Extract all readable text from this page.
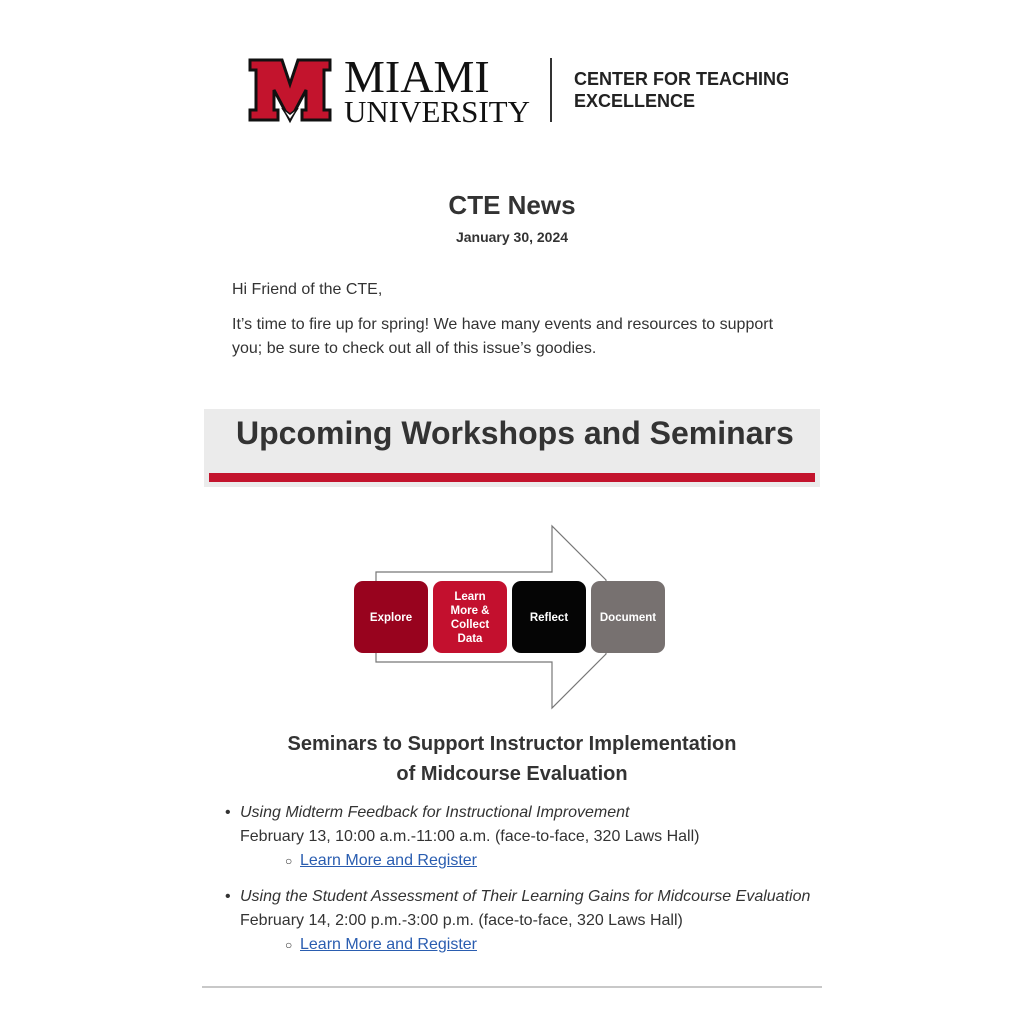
MIAMI
UNIVERSITY
CENTER FOR TEACHING
EXCELLENCE
CTE News
January 30, 2024
Hi Friend of the CTE,
It’s time to fire up for spring! We have many events and resources to support you; be sure to check out all of this issue’s goodies.
Upcoming Workshops and Seminars
Explore
Learn More & Collect Data
Reflect	Document
Seminars to Support Instructor Implementation
of Midcourse Evaluation
• Using Midterm Feedback for Instructional Improvement
February 13, 10:00 a.m.-11:00 a.m. (face-to-face, 320 Laws Hall)
○ Learn More and Register
• Using the Student Assessment of Their Learning Gains for Midcourse Evaluation
February 14, 2:00 p.m.-3:00 p.m. (face-to-face, 320 Laws Hall)
○ Learn More and Register
